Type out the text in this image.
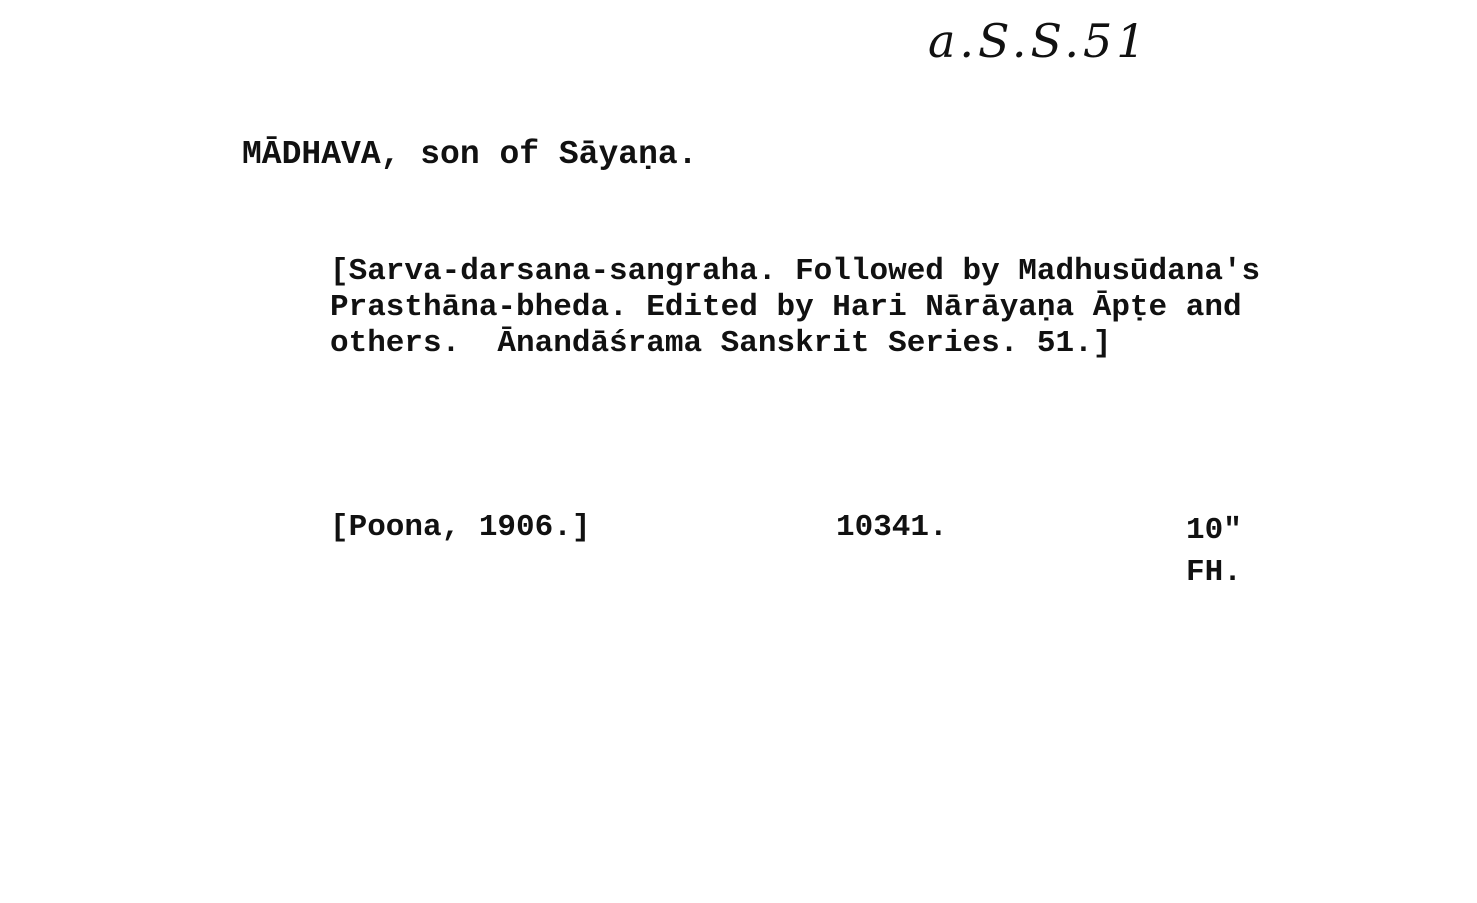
a.S.S.51
MĀDHAVA, son of Sāyaṇa.
[Sarva-darsana-sangraha. Followed by Madhusūdana's
Prasthāna-bheda. Edited by Hari Nārāyaṇa Āpṭe and
others.  Ānandāśrama Sanskrit Series. 51.]
[Poona, 1906.]	10341.	10"
FH.
